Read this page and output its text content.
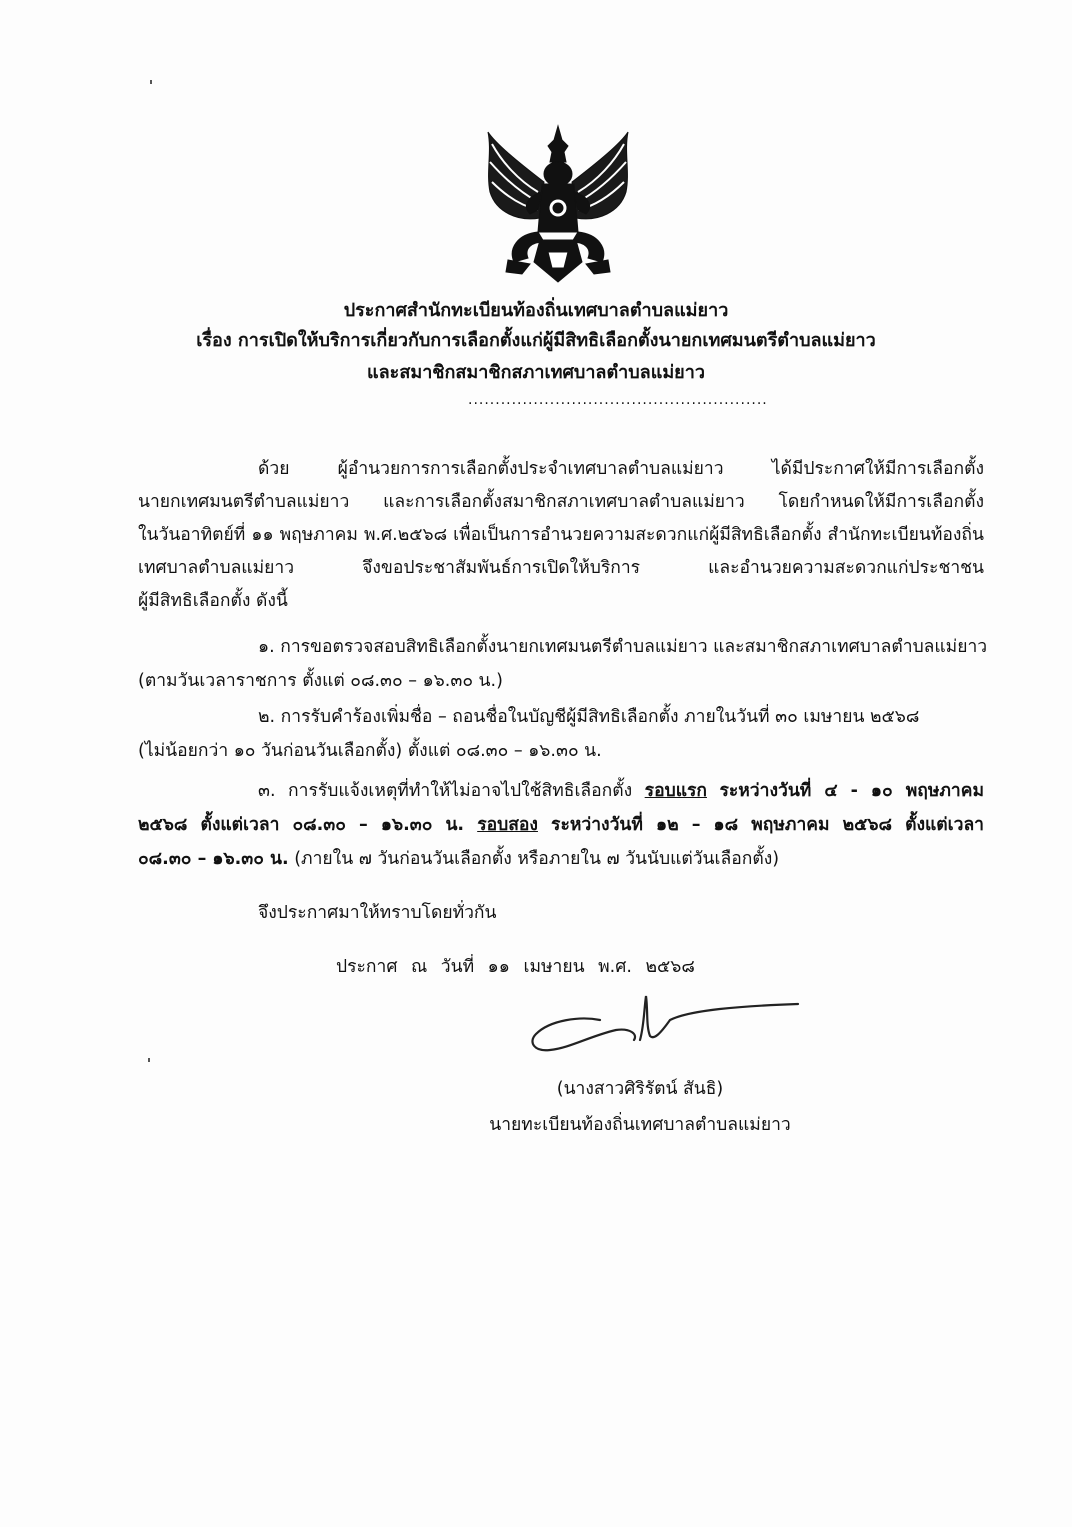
ประกาศสำนักทะเบียนท้องถิ่นเทศบาลตำบลแม่ยาว
เรื่อง การเปิดให้บริการเกี่ยวกับการเลือกตั้งแก่ผู้มีสิทธิเลือกตั้งนายกเทศมนตรีตำบลแม่ยาว
และสมาชิกสมาชิกสภาเทศบาลตำบลแม่ยาว
.......................................................
ด้วย ผู้อำนวยการการเลือกตั้งประจำเทศบาลตำบลแม่ยาว ได้มีประกาศให้มีการเลือกตั้ง
นายกเทศมนตรีตำบลแม่ยาว และการเลือกตั้งสมาชิกสภาเทศบาลตำบลแม่ยาว โดยกำหนดให้มีการเลือกตั้ง
ในวันอาทิตย์ที่ ๑๑ พฤษภาคม พ.ศ.๒๕๖๘ เพื่อเป็นการอำนวยความสะดวกแก่ผู้มีสิทธิเลือกตั้ง สำนักทะเบียนท้องถิ่น
เทศบาลตำบลแม่ยาว จึงขอประชาสัมพันธ์การเปิดให้บริการ และอำนวยความสะดวกแก่ประชาชน
ผู้มีสิทธิเลือกตั้ง ดังนี้
๑. การขอตรวจสอบสิทธิเลือกตั้งนายกเทศมนตรีตำบลแม่ยาว และสมาชิกสภาเทศบาลตำบลแม่ยาว
(ตามวันเวลาราชการ ตั้งแต่ ๐๘.๓๐ – ๑๖.๓๐ น.)
๒. การรับคำร้องเพิ่มชื่อ – ถอนชื่อในบัญชีผู้มีสิทธิเลือกตั้ง ภายในวันที่ ๓๐ เมษายน ๒๕๖๘
(ไม่น้อยกว่า ๑๐ วันก่อนวันเลือกตั้ง) ตั้งแต่ ๐๘.๓๐ – ๑๖.๓๐ น.
๓. การรับแจ้งเหตุที่ทำให้ไม่อาจไปใช้สิทธิเลือกตั้ง รอบแรก ระหว่างวันที่ ๔ - ๑๐ พฤษภาคม
๒๕๖๘ ตั้งแต่เวลา ๐๘.๓๐ – ๑๖.๓๐ น. รอบสอง ระหว่างวันที่ ๑๒ – ๑๘ พฤษภาคม ๒๕๖๘ ตั้งแต่เวลา
๐๘.๓๐ – ๑๖.๓๐ น. (ภายใน ๗ วันก่อนวันเลือกตั้ง หรือภายใน ๗ วันนับแต่วันเลือกตั้ง)
จึงประกาศมาให้ทราบโดยทั่วกัน
ประกาศ ณ วันที่ ๑๑ เมษายน พ.ศ. ๒๕๖๘
(นางสาวศิริรัตน์ สันธิ)
นายทะเบียนท้องถิ่นเทศบาลตำบลแม่ยาว
